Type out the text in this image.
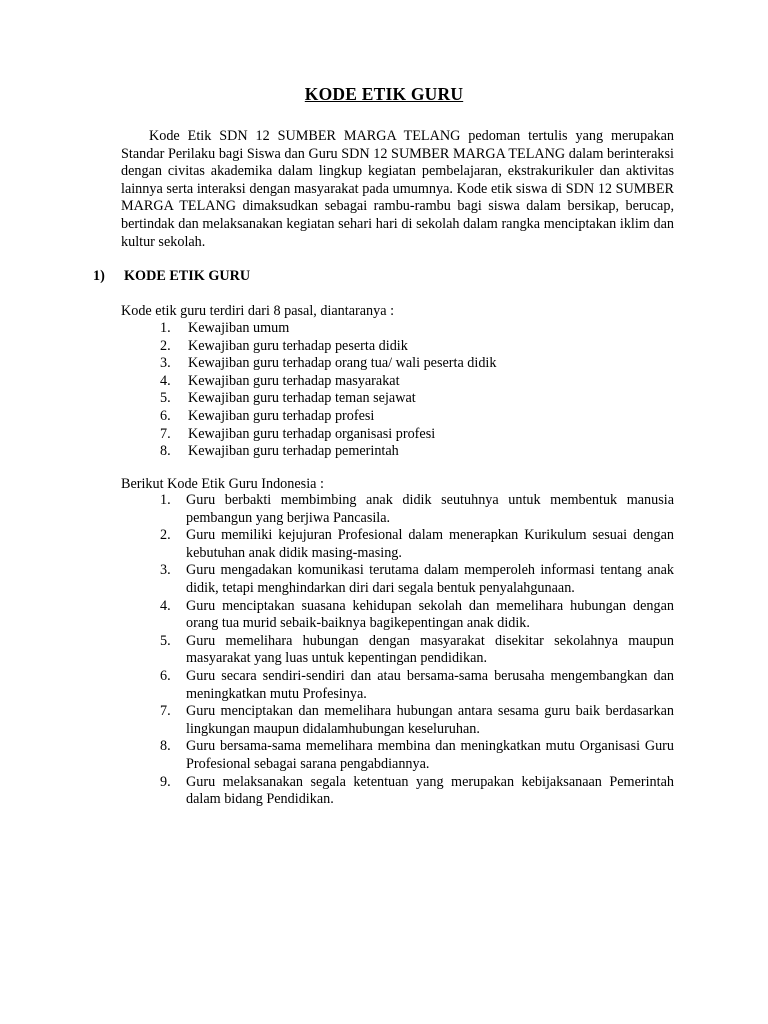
KODE ETIK GURU

Kode Etik SDN 12 SUMBER MARGA TELANG pedoman tertulis yang merupakan Standar Perilaku bagi Siswa dan Guru SDN 12 SUMBER MARGA TELANG dalam berinteraksi dengan civitas akademika dalam lingkup kegiatan pembelajaran, ekstrakurikuler dan aktivitas lainnya serta interaksi dengan masyarakat pada umumnya. Kode etik siswa di SDN 12 SUMBER MARGA TELANG dimaksudkan sebagai rambu-rambu bagi siswa dalam bersikap, berucap, bertindak dan melaksanakan kegiatan sehari hari di sekolah dalam rangka menciptakan iklim dan kultur sekolah.

1) KODE ETIK GURU
Kode etik guru terdiri dari 8 pasal, diantaranya :
1. Kewajiban umum
2. Kewajiban guru terhadap peserta didik
3. Kewajiban guru terhadap orang tua/ wali peserta didik
4. Kewajiban guru terhadap masyarakat
5. Kewajiban guru terhadap teman sejawat
6. Kewajiban guru terhadap profesi
7. Kewajiban guru terhadap organisasi profesi
8. Kewajiban guru terhadap pemerintah
Berikut Kode Etik Guru Indonesia :
1. Guru berbakti membimbing anak didik seutuhnya untuk membentuk manusia pembangun yang berjiwa Pancasila.
2. Guru memiliki kejujuran Profesional dalam menerapkan Kurikulum sesuai dengan kebutuhan anak didik masing-masing.
3. Guru mengadakan komunikasi terutama dalam memperoleh informasi tentang anak didik, tetapi menghindarkan diri dari segala bentuk penyalahgunaan.
4. Guru menciptakan suasana kehidupan sekolah dan memelihara hubungan dengan orang tua murid sebaik-baiknya bagikepentingan anak didik.
5. Guru memelihara hubungan dengan masyarakat disekitar sekolahnya maupun masyarakat yang luas untuk kepentingan pendidikan.
6. Guru secara sendiri-sendiri dan atau bersama-sama berusaha mengembangkan dan meningkatkan mutu Profesinya.
7. Guru menciptakan dan memelihara hubungan antara sesama guru baik berdasarkan lingkungan maupun didalamhubungan keseluruhan.
8. Guru bersama-sama memelihara membina dan meningkatkan mutu Organisasi Guru Profesional sebagai sarana pengabdiannya.
9. Guru melaksanakan segala ketentuan yang merupakan kebijaksanaan Pemerintah dalam bidang Pendidikan.
